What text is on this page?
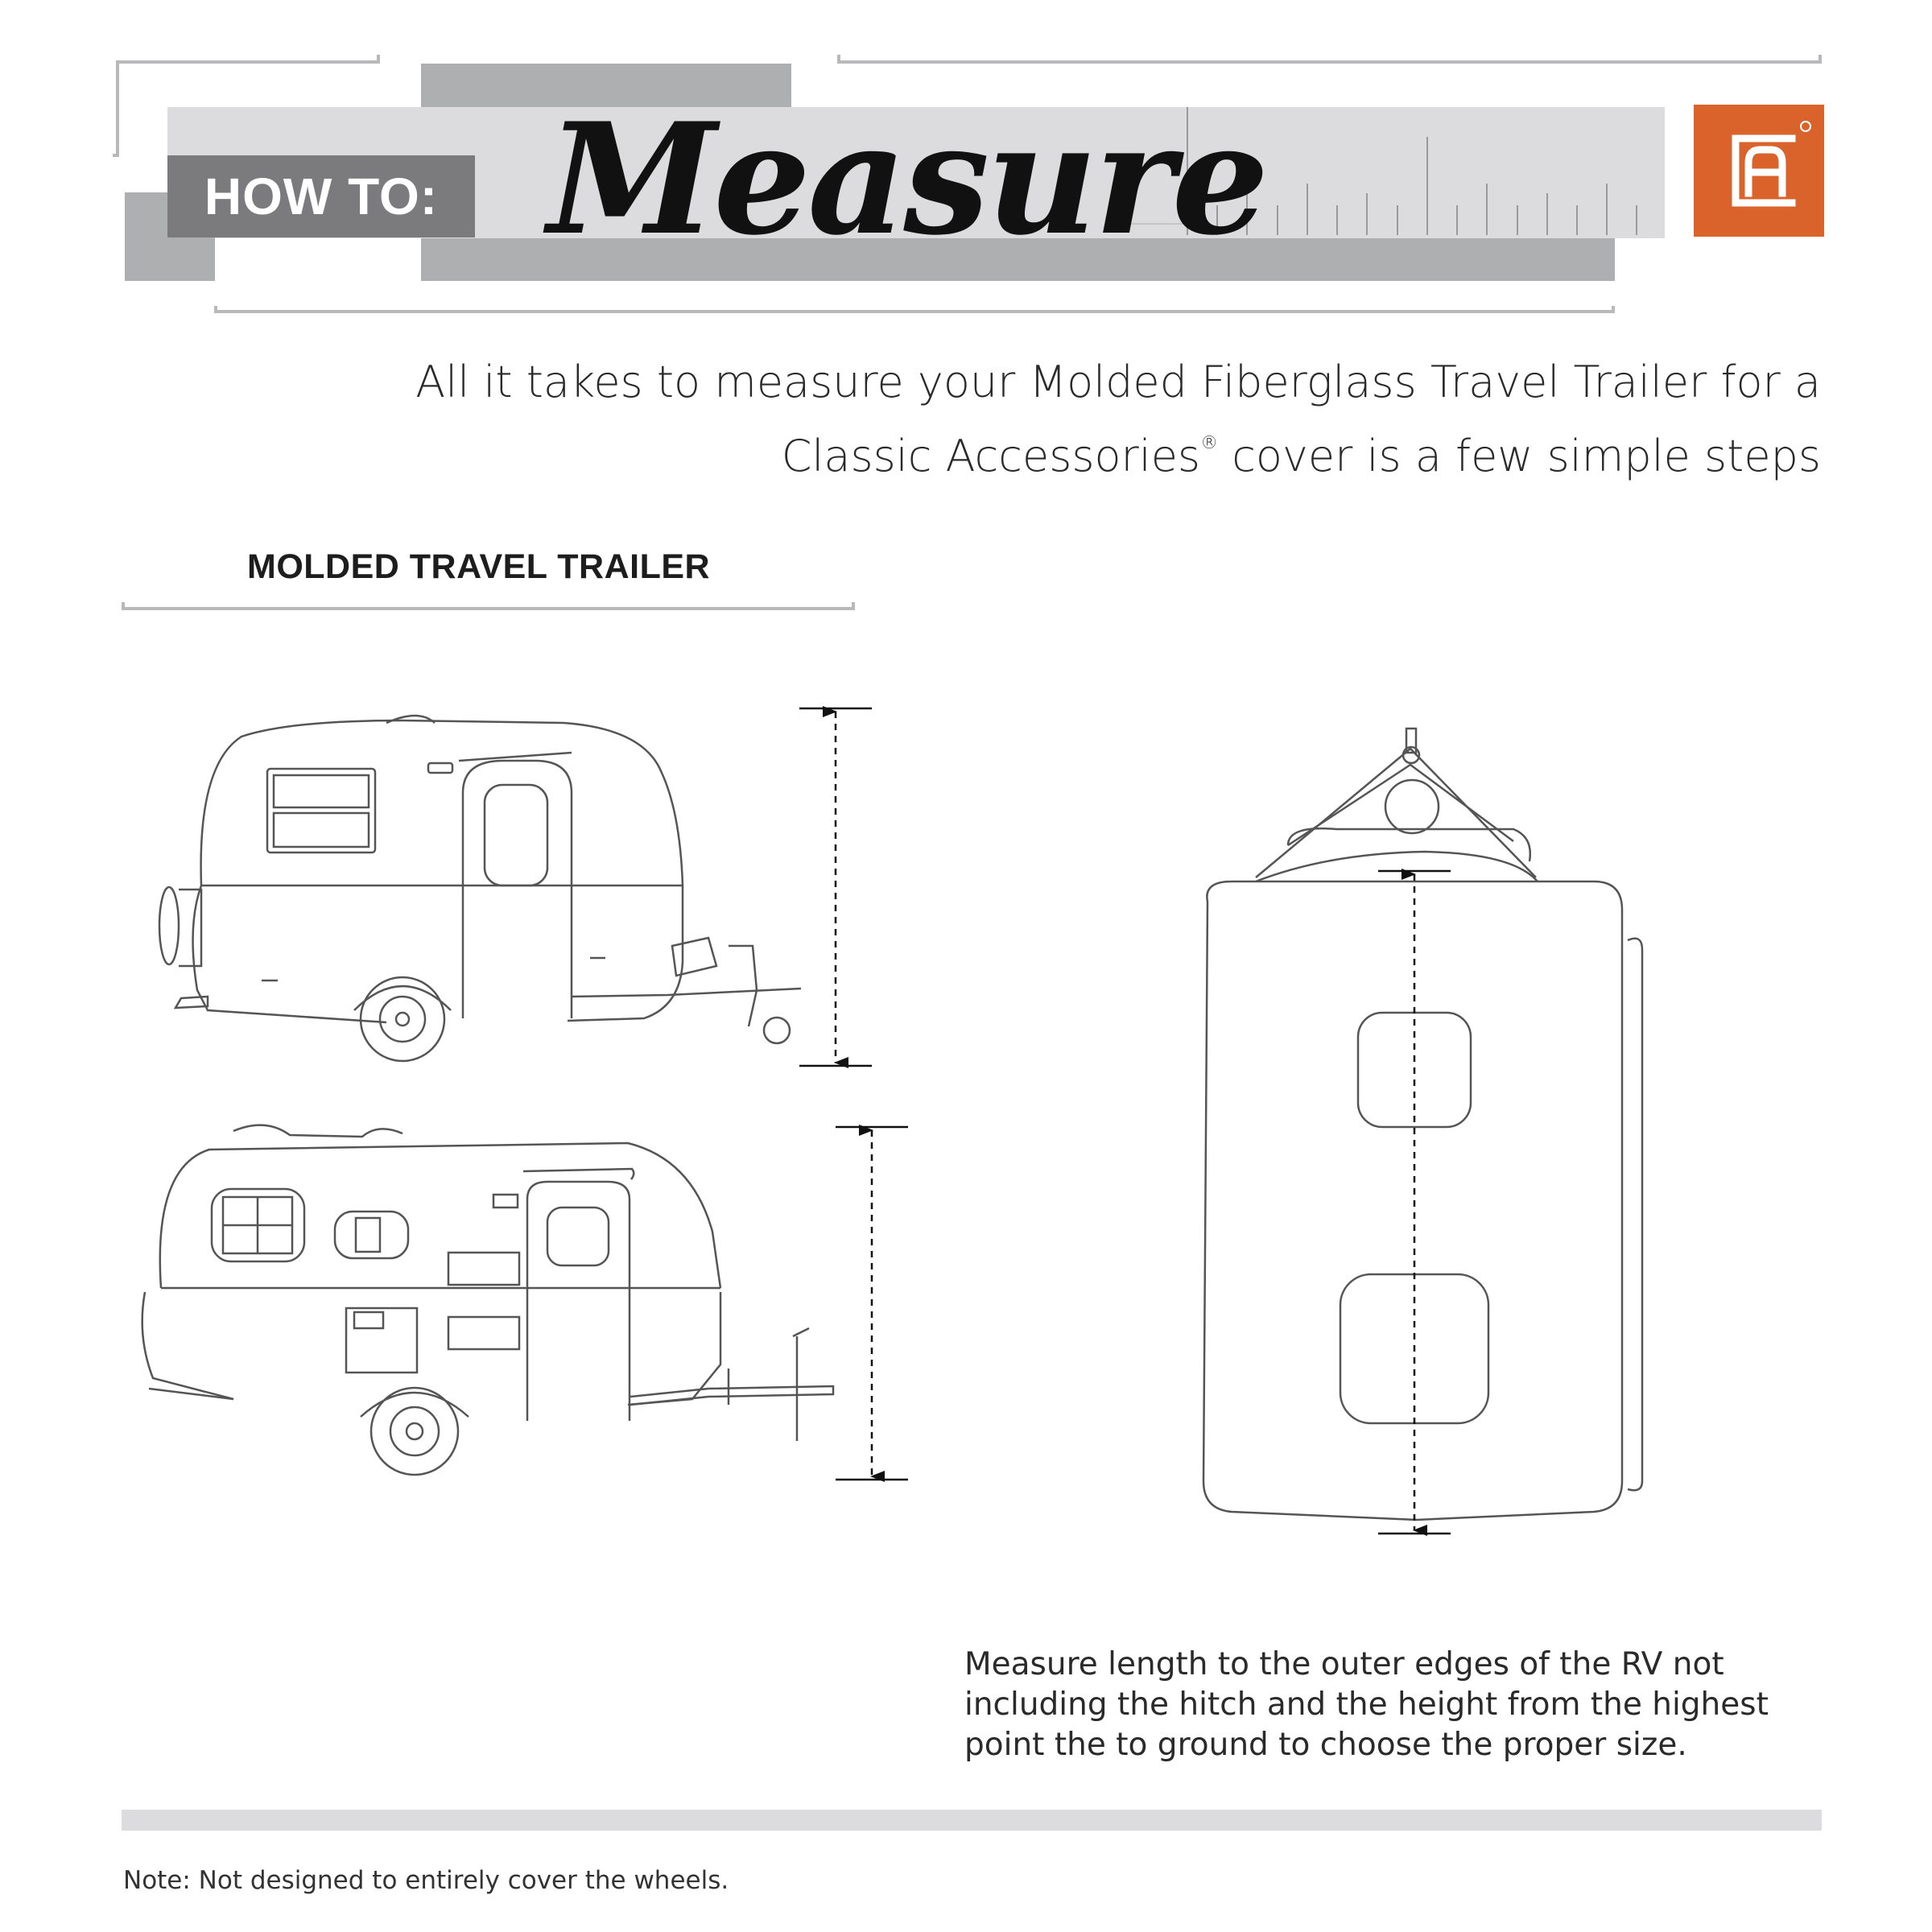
HOW TO: Measure
All it takes to measure your Molded Fiberglass Travel Trailer for a
Classic Accessories® cover is a few simple steps
MOLDED TRAVEL TRAILER
Measure length to the outer edges of the RV not
including the hitch and the height from the highest
point the to ground to choose the proper size.
Note: Not designed to entirely cover the wheels.
